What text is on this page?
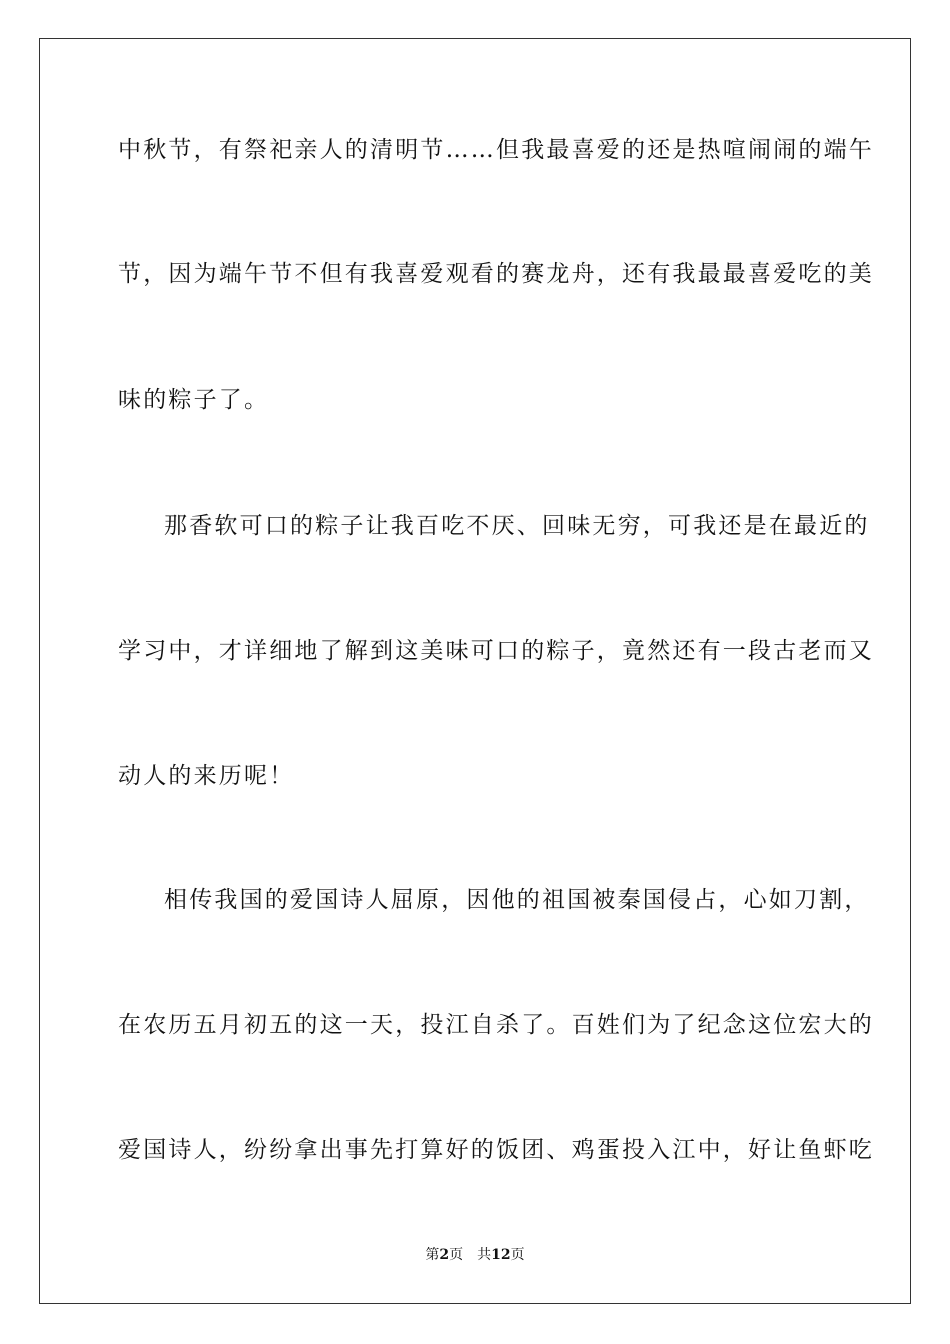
中秋节，有祭祀亲人的清明节……但我最喜爱的还是热喧闹闹的端午
节，因为端午节不但有我喜爱观看的赛龙舟，还有我最最喜爱吃的美
味的粽子了。
那香软可口的粽子让我百吃不厌、回味无穷，可我还是在最近的
学习中，才详细地了解到这美味可口的粽子，竟然还有一段古老而又
动人的来历呢！
相传我国的爱国诗人屈原，因他的祖国被秦国侵占，心如刀割，
在农历五月初五的这一天，投江自杀了。百姓们为了纪念这位宏大的
爱国诗人，纷纷拿出事先打算好的饭团、鸡蛋投入江中，好让鱼虾吃
第2页 共12页
